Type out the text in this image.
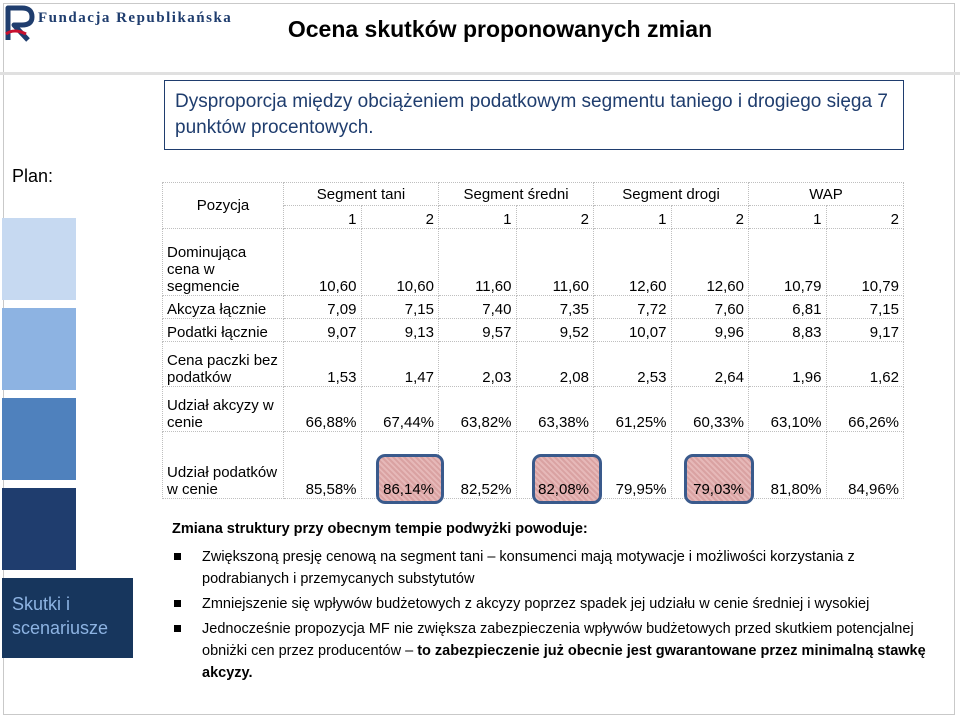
Fundacja Republikańska	Ocena skutków proponowanych zmian
Plan:
Skutki i scenariusze
Dysproporcja między obciążeniem podatkowym segmentu taniego i drogiego sięga 7 punktów procentowych.
Pozycja	Segment tani		Segment średni		Segment drogi		WAP	
	1	2	1	2	1	2	1	2
Dominująca cena w segmencie	10,60	10,60	11,60	11,60	12,60	12,60	10,79	10,79
Akcyza łącznie	7,09	7,15	7,40	7,35	7,72	7,60	6,81	7,15
Podatki łącznie	9,07	9,13	9,57	9,52	10,07	9,96	8,83	9,17
Cena paczki bez podatków	1,53	1,47	2,03	2,08	2,53	2,64	1,96	1,62
Udział akcyzy w cenie	66,88%	67,44%	63,82%	63,38%	61,25%	60,33%	63,10%	66,26%
Udział podatków w cenie	85,58%	86,14%	82,52%	82,08%	79,95%	79,03%	81,80%	84,96%
Zmiana struktury przy obecnym tempie podwyżki powoduje:
Zwiększoną presję cenową na segment tani – konsumenci mają motywacje i możliwości korzystania z podrabianych i przemycanych substytutów
Zmniejszenie się wpływów budżetowych z akcyzy poprzez spadek jej udziału w cenie średniej i wysokiej
Jednocześnie propozycja MF nie zwiększa zabezpieczenia wpływów budżetowych przed skutkiem potencjalnej obniżki cen przez producentów – to zabezpieczenie już obecnie jest gwarantowane przez minimalną stawkę akcyzy.
